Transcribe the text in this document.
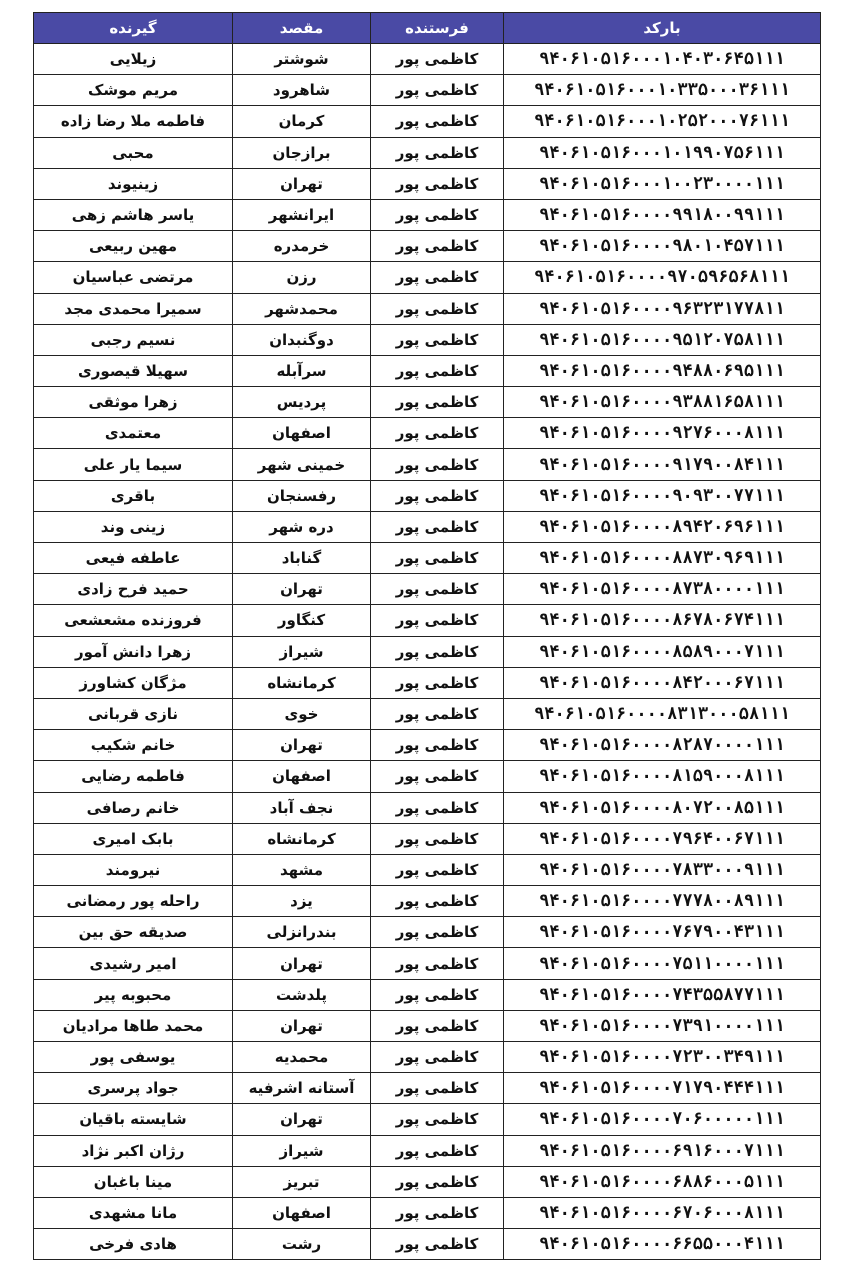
بارکد	فرستنده	مقصد	گیرنده
۹۴۰۶۱۰۵۱۶۰۰۰۱۰۴۰۳۰۶۴۵۱۱۱	کاظمی پور	شوشتر	زیلایی
۹۴۰۶۱۰۵۱۶۰۰۰۱۰۳۳۵۰۰۰۳۶۱۱۱	کاظمی پور	شاهرود	مریم موشک
۹۴۰۶۱۰۵۱۶۰۰۰۱۰۲۵۲۰۰۰۷۶۱۱۱	کاظمی پور	کرمان	فاطمه ملا رضا زاده
۹۴۰۶۱۰۵۱۶۰۰۰۱۰۱۹۹۰۷۵۶۱۱۱	کاظمی پور	برازجان	محبی
۹۴۰۶۱۰۵۱۶۰۰۰۱۰۰۲۳۰۰۰۰۱۱۱	کاظمی پور	تهران	زینیوند
۹۴۰۶۱۰۵۱۶۰۰۰۰۹۹۱۸۰۰۹۹۱۱۱	کاظمی پور	ایرانشهر	یاسر هاشم زهی
۹۴۰۶۱۰۵۱۶۰۰۰۰۹۸۰۱۰۴۵۷۱۱۱	کاظمی پور	خرمدره	مهین ربیعی
۹۴۰۶۱۰۵۱۶۰۰۰۰۹۷۰۵۹۶۵۶۸۱۱۱	کاظمی پور	رزن	مرتضی عباسیان
۹۴۰۶۱۰۵۱۶۰۰۰۰۹۶۳۲۳۱۷۷۸۱۱	کاظمی پور	محمدشهر	سمیرا محمدی مجد
۹۴۰۶۱۰۵۱۶۰۰۰۰۹۵۱۲۰۷۵۸۱۱۱	کاظمی پور	دوگنبدان	نسیم رجبی
۹۴۰۶۱۰۵۱۶۰۰۰۰۹۴۸۸۰۶۹۵۱۱۱	کاظمی پور	سرآبله	سهیلا قیصوری
۹۴۰۶۱۰۵۱۶۰۰۰۰۹۳۸۸۱۶۵۸۱۱۱	کاظمی پور	پردیس	زهرا موثقی
۹۴۰۶۱۰۵۱۶۰۰۰۰۹۲۷۶۰۰۰۸۱۱۱	کاظمی پور	اصفهان	معتمدی
۹۴۰۶۱۰۵۱۶۰۰۰۰۹۱۷۹۰۰۸۴۱۱۱	کاظمی پور	خمینی شهر	سیما یار علی
۹۴۰۶۱۰۵۱۶۰۰۰۰۹۰۹۳۰۰۷۷۱۱۱	کاظمی پور	رفسنجان	باقری
۹۴۰۶۱۰۵۱۶۰۰۰۰۸۹۴۲۰۶۹۶۱۱۱	کاظمی پور	دره شهر	زینی وند
۹۴۰۶۱۰۵۱۶۰۰۰۰۸۸۷۳۰۹۶۹۱۱۱	کاظمی پور	گناباد	عاطفه فیعی
۹۴۰۶۱۰۵۱۶۰۰۰۰۸۷۳۸۰۰۰۰۱۱۱	کاظمی پور	تهران	حمید فرح زادی
۹۴۰۶۱۰۵۱۶۰۰۰۰۸۶۷۸۰۶۷۴۱۱۱	کاظمی پور	کنگاور	فروزنده مشعشعی
۹۴۰۶۱۰۵۱۶۰۰۰۰۸۵۸۹۰۰۰۷۱۱۱	کاظمی پور	شیراز	زهرا دانش آمور
۹۴۰۶۱۰۵۱۶۰۰۰۰۸۴۲۰۰۰۶۷۱۱۱	کاظمی پور	کرمانشاه	مژگان کشاورز
۹۴۰۶۱۰۵۱۶۰۰۰۰۸۳۱۳۰۰۰۵۸۱۱۱	کاظمی پور	خوی	نازی قربانی
۹۴۰۶۱۰۵۱۶۰۰۰۰۸۲۸۷۰۰۰۰۱۱۱	کاظمی پور	تهران	خانم شکیب
۹۴۰۶۱۰۵۱۶۰۰۰۰۸۱۵۹۰۰۰۸۱۱۱	کاظمی پور	اصفهان	فاطمه رضایی
۹۴۰۶۱۰۵۱۶۰۰۰۰۸۰۷۲۰۰۸۵۱۱۱	کاظمی پور	نجف آباد	خانم رصافی
۹۴۰۶۱۰۵۱۶۰۰۰۰۷۹۶۴۰۰۶۷۱۱۱	کاظمی پور	کرمانشاه	بابک امیری
۹۴۰۶۱۰۵۱۶۰۰۰۰۷۸۳۳۰۰۰۹۱۱۱	کاظمی پور	مشهد	نیرومند
۹۴۰۶۱۰۵۱۶۰۰۰۰۷۷۷۸۰۰۸۹۱۱۱	کاظمی پور	یزد	راحله پور رمضانی
۹۴۰۶۱۰۵۱۶۰۰۰۰۷۶۷۹۰۰۴۳۱۱۱	کاظمی پور	بندرانزلی	صدیقه حق بین
۹۴۰۶۱۰۵۱۶۰۰۰۰۷۵۱۱۰۰۰۰۱۱۱	کاظمی پور	تهران	امیر رشیدی
۹۴۰۶۱۰۵۱۶۰۰۰۰۷۴۳۵۵۸۷۷۱۱۱	کاظمی پور	پلدشت	محبوبه پیر
۹۴۰۶۱۰۵۱۶۰۰۰۰۷۳۹۱۰۰۰۰۱۱۱	کاظمی پور	تهران	محمد طاها مرادیان
۹۴۰۶۱۰۵۱۶۰۰۰۰۷۲۳۰۰۳۴۹۱۱۱	کاظمی پور	محمدیه	یوسفی پور
۹۴۰۶۱۰۵۱۶۰۰۰۰۷۱۷۹۰۴۴۴۱۱۱	کاظمی پور	آستانه اشرفیه	جواد پرسری
۹۴۰۶۱۰۵۱۶۰۰۰۰۷۰۶۰۰۰۰۰۱۱۱	کاظمی پور	تهران	شایسته باقیان
۹۴۰۶۱۰۵۱۶۰۰۰۰۶۹۱۶۰۰۰۷۱۱۱	کاظمی پور	شیراز	رژان اکبر نژاد
۹۴۰۶۱۰۵۱۶۰۰۰۰۶۸۸۶۰۰۰۵۱۱۱	کاظمی پور	تبریز	مینا باغبان
۹۴۰۶۱۰۵۱۶۰۰۰۰۶۷۰۶۰۰۰۸۱۱۱	کاظمی پور	اصفهان	مانا مشهدی
۹۴۰۶۱۰۵۱۶۰۰۰۰۶۶۵۵۰۰۰۴۱۱۱	کاظمی پور	رشت	هادی فرخی
